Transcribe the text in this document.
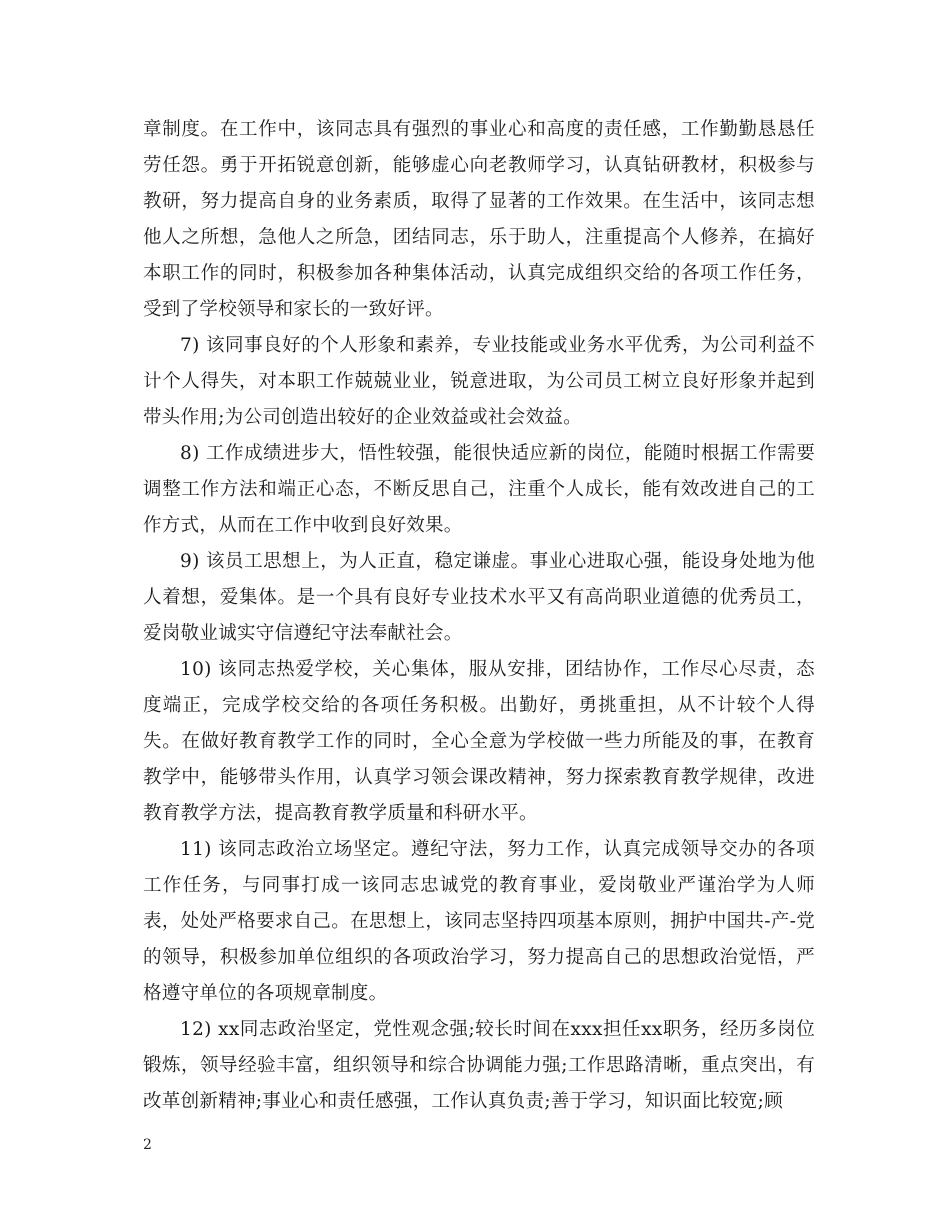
章制度。在工作中，该同志具有强烈的事业心和高度的责任感，工作勤勤恳恳任劳任怨。勇于开拓锐意创新，能够虚心向老教师学习，认真钻研教材，积极参与教研，努力提高自身的业务素质，取得了显著的工作效果。在生活中，该同志想他人之所想，急他人之所急，团结同志，乐于助人，注重提高个人修养，在搞好本职工作的同时，积极参加各种集体活动，认真完成组织交给的各项工作任务，受到了学校领导和家长的一致好评。

7) 该同事良好的个人形象和素养，专业技能或业务水平优秀，为公司利益不计个人得失，对本职工作兢兢业业，锐意进取，为公司员工树立良好形象并起到带头作用;为公司创造出较好的企业效益或社会效益。

8) 工作成绩进步大，悟性较强，能很快适应新的岗位，能随时根据工作需要调整工作方法和端正心态，不断反思自己，注重个人成长，能有效改进自己的工作方式，从而在工作中收到良好效果。

9) 该员工思想上，为人正直，稳定谦虚。事业心进取心强，能设身处地为他人着想，爱集体。是一个具有良好专业技术水平又有高尚职业道德的优秀员工，爱岗敬业诚实守信遵纪守法奉献社会。

10) 该同志热爱学校，关心集体，服从安排，团结协作，工作尽心尽责，态度端正，完成学校交给的各项任务积极。出勤好，勇挑重担，从不计较个人得失。在做好教育教学工作的同时，全心全意为学校做一些力所能及的事，在教育教学中，能够带头作用，认真学习领会课改精神，努力探索教育教学规律，改进教育教学方法，提高教育教学质量和科研水平。

11) 该同志政治立场坚定。遵纪守法，努力工作，认真完成领导交办的各项工作任务，与同事打成一该同志忠诚党的教育事业，爱岗敬业严谨治学为人师表，处处严格要求自己。在思想上，该同志坚持四项基本原则，拥护中国共-产-党的领导，积极参加单位组织的各项政治学习，努力提高自己的思想政治觉悟，严格遵守单位的各项规章制度。

12) xx同志政治坚定，党性观念强;较长时间在xxx担任xx职务，经历多岗位锻炼，领导经验丰富，组织领导和综合协调能力强;工作思路清晰，重点突出，有改革创新精神;事业心和责任感强，工作认真负责;善于学习，知识面比较宽;顾

2
